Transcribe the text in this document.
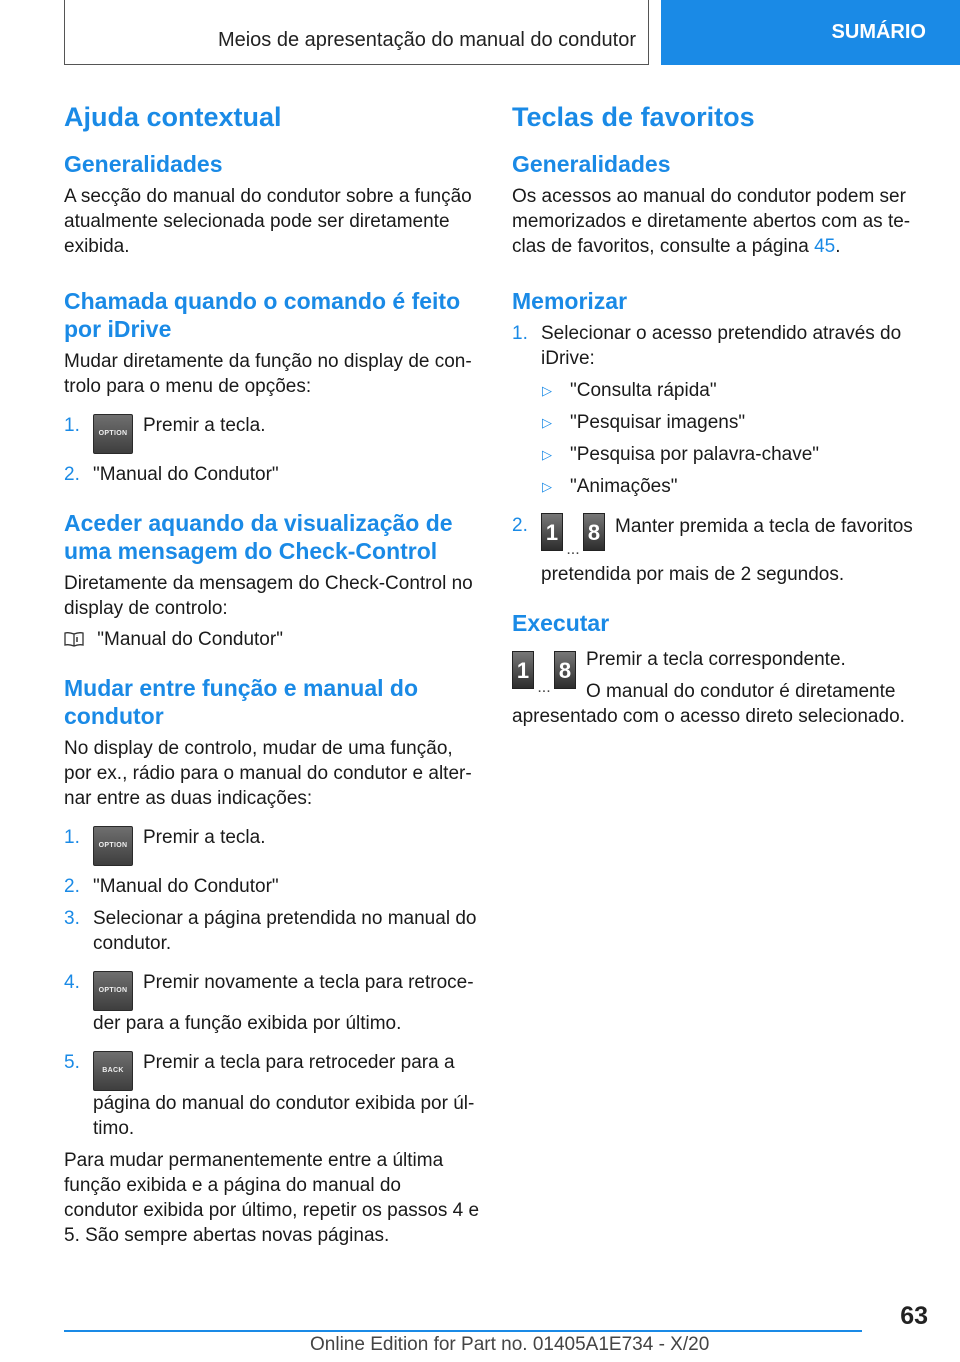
Meios de apresentação do manual do condutor	SUMÁRIO
Ajuda contextual
Generalidades
A secção do manual do condutor sobre a função atualmente selecionada pode ser diretamente exibida.
Chamada quando o comando é feito por iDrive
Mudar diretamente da função no display de controlo para o menu de opções:
1.	OPTION Premir a tecla.
2. "Manual do Condutor"
Aceder aquando da visualização de uma mensagem do Check-Control
Diretamente da mensagem do Check-Control no display de controlo:
"Manual do Condutor"
Mudar entre função e manual do condutor
No display de controlo, mudar de uma função, por ex., rádio para o manual do condutor e alternar entre as duas indicações:
1.	OPTION Premir a tecla.
2. "Manual do Condutor"
3. Selecionar a página pretendida no manual do condutor.
4.	OPTION Premir novamente a tecla para retroceder para a função exibida por último.
5.	BACK Premir a tecla para retroceder para a página do manual do condutor exibida por último.
Para mudar permanentemente entre a última função exibida e a página do manual do condutor exibida por último, repetir os passos 4 e 5. São sempre abertas novas páginas.
Teclas de favoritos
Generalidades
Os acessos ao manual do condutor podem ser memorizados e diretamente abertos com as teclas de favoritos, consulte a página 45.
Memorizar
1. Selecionar o acesso pretendido através do iDrive:
▷ "Consulta rápida"
▷ "Pesquisar imagens"
▷ "Pesquisa por palavra-chave"
▷ "Animações"
2. 1...8 Manter premida a tecla de favoritos pretendida por mais de 2 segundos.
Executar
1...8 Premir a tecla correspondente.
O manual do condutor é diretamente apresentado com o acesso direto selecionado.
63
Online Edition for Part no. 01405A1E734 - X/20
